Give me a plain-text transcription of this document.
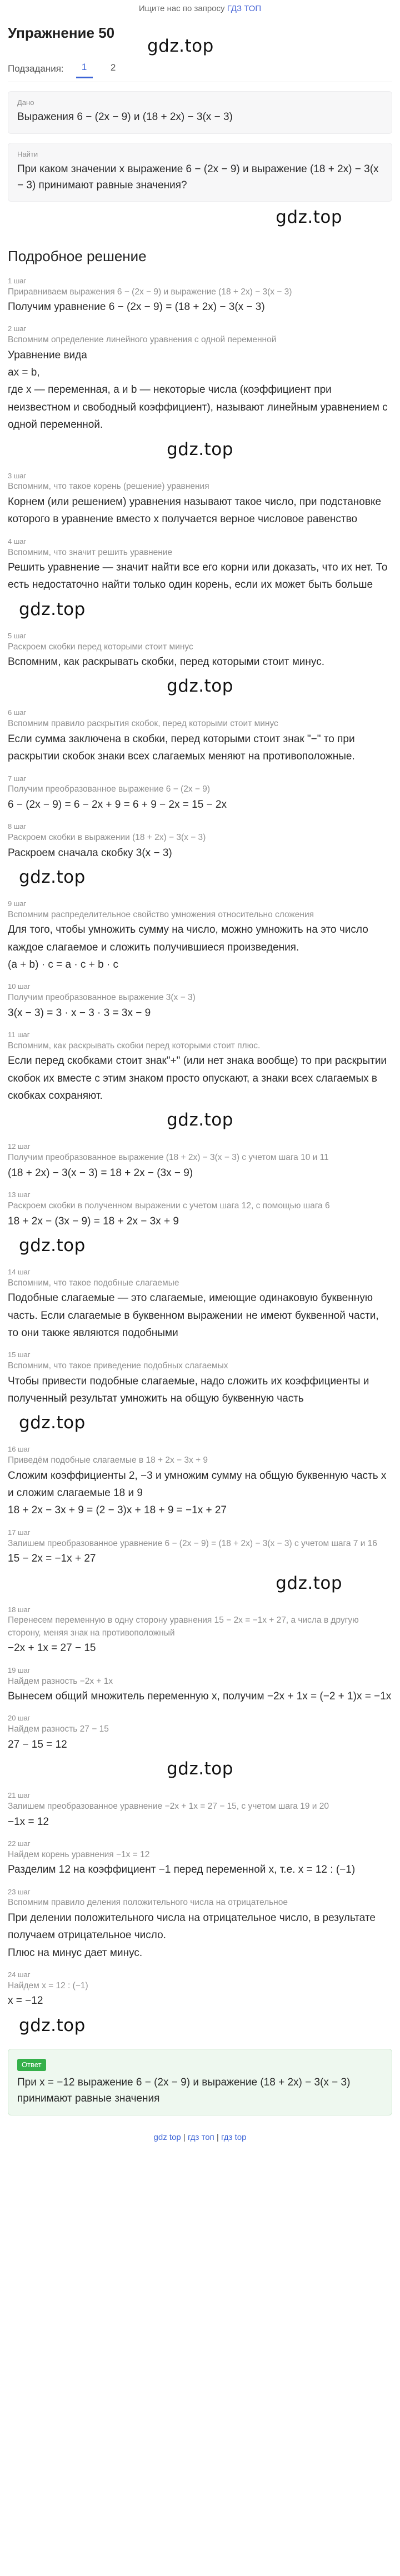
Ищите нас по запросу ГДЗ ТОП
gdz.top
Упражнение 50
Подзадания:	1	2
Дано

Выражения 6 − (2x − 9) и (18 + 2x) − 3(x − 3)

Найти

При каком значении x выражение 6 − (2x − 9) и выражение (18 + 2x) − 3(x − 3) принимают равные значения?

gdz.top
Подробное решение
1 шаг
Приравниваем выражения 6 − (2x − 9) и выражение (18 + 2x) − 3(x − 3)
Получим уравнение 6 − (2x − 9) = (18 + 2x) − 3(x − 3)
2 шаг
Вспомним определение линейного уравнения с одной переменной
Уравнение вида
ax = b,
где x — переменная, a и b — некоторые числа (коэффициент при неизвестном и свободный коэффициент), называют линейным уравнением с одной переменной.
gdz.top
3 шаг
Вспомним, что такое корень (решение) уравнения
Корнем (или решением) уравнения называют такое число, при подстановке которого в уравнение вместо x получается верное числовое равенство
4 шаг
Вспомним, что значит решить уравнение
Решить уравнение — значит найти все его корни или доказать, что их нет. То есть недостаточно найти только один корень, если их может быть больше
gdz.top
5 шаг
Раскроем скобки перед которыми стоит минус
Вспомним, как раскрывать скобки, перед которыми стоит минус.
gdz.top
6 шаг
Вспомним правило раскрытия скобок, перед которыми стоит минус
Если сумма заключена в скобки, перед которыми стоит знак "−" то при раскрытии скобок знаки всех слагаемых меняют на противоположные.
7 шаг
Получим преобразованное выражение 6 − (2x − 9)
6 − (2x − 9) = 6 − 2x + 9 = 6 + 9 − 2x = 15 − 2x
8 шаг
Раскроем скобки в выражении (18 + 2x) − 3(x − 3)
Раскроем сначала скобку 3(x − 3)
gdz.top
9 шаг
Вспомним распределительное свойство умножения относительно сложения
Для того, чтобы умножить сумму на число, можно умножить на это число каждое слагаемое и сложить получившиеся произведения.
(a + b) · c = a · c + b · c
10 шаг
Получим преобразованное выражение 3(x − 3)
3(x − 3) = 3 · x − 3 · 3 = 3x − 9
11 шаг
Вспомним, как раскрывать скобки перед которыми стоит плюс.
Если перед скобками стоит знак"+" (или нет знака вообще) то при раскрытии скобок их вместе с этим знаком просто опускают, а знаки всех слагаемых в скобках сохраняют.
gdz.top
12 шаг
Получим преобразованное выражение (18 + 2x) − 3(x − 3) с учетом шага 10 и 11
(18 + 2x) − 3(x − 3) = 18 + 2x − (3x − 9)
13 шаг
Раскроем скобки в полученном выражении с учетом шага 12, с помощью шага 6
18 + 2x − (3x − 9) = 18 + 2x − 3x + 9
gdz.top
14 шаг
Вспомним, что такое подобные слагаемые
Подобные слагаемые — это слагаемые, имеющие одинаковую буквенную часть. Если слагаемые в буквенном выражении не имеют буквенной части, то они также являются подобными
15 шаг
Вспомним, что такое приведение подобных слагаемых
Чтобы привести подобные слагаемые, надо сложить их коэффициенты и полученный результат умножить на общую буквенную часть
gdz.top
16 шаг
Приведём подобные слагаемые в 18 + 2x − 3x + 9
Сложим коэффициенты 2, −3 и умножим сумму на общую буквенную часть x и сложим слагаемые 18 и 9
18 + 2x − 3x + 9 = (2 − 3)x + 18 + 9 = −1x + 27
17 шаг
Запишем преобразованное уравнение 6 − (2x − 9) = (18 + 2x) − 3(x − 3) с учетом шага 7 и 16
15 − 2x = −1x + 27
gdz.top
18 шаг
Перенесем переменную в одну сторону уравнения 15 − 2x = −1x + 27, а числа в другую сторону, меняя знак на противоположный
−2x + 1x = 27 − 15
19 шаг
Найдем разность −2x + 1x
Вынесем общий множитель переменную x, получим −2x + 1x = (−2 + 1)x = −1x
20 шаг
Найдем разность 27 − 15
27 − 15 = 12
gdz.top
21 шаг
Запишем преобразованное уравнение −2x + 1x = 27 − 15, с учетом шага 19 и 20
−1x = 12
22 шаг
Найдем корень уравнения −1x = 12
Разделим 12 на коэффициент −1 перед переменной x, т.е. x = 12 : (−1)
23 шаг
Вспомним правило деления положительного числа на отрицательное
При делении положительного числа на отрицательное число, в результате получаем отрицательное число.
Плюс на минус дает минус.
24 шаг
Найдем x = 12 : (−1)
x = −12
gdz.top
Ответ

При x = −12 выражение 6 − (2x − 9) и выражение (18 + 2x) − 3(x − 3) принимают равные значения

gdz top | гдз топ | гдз top
